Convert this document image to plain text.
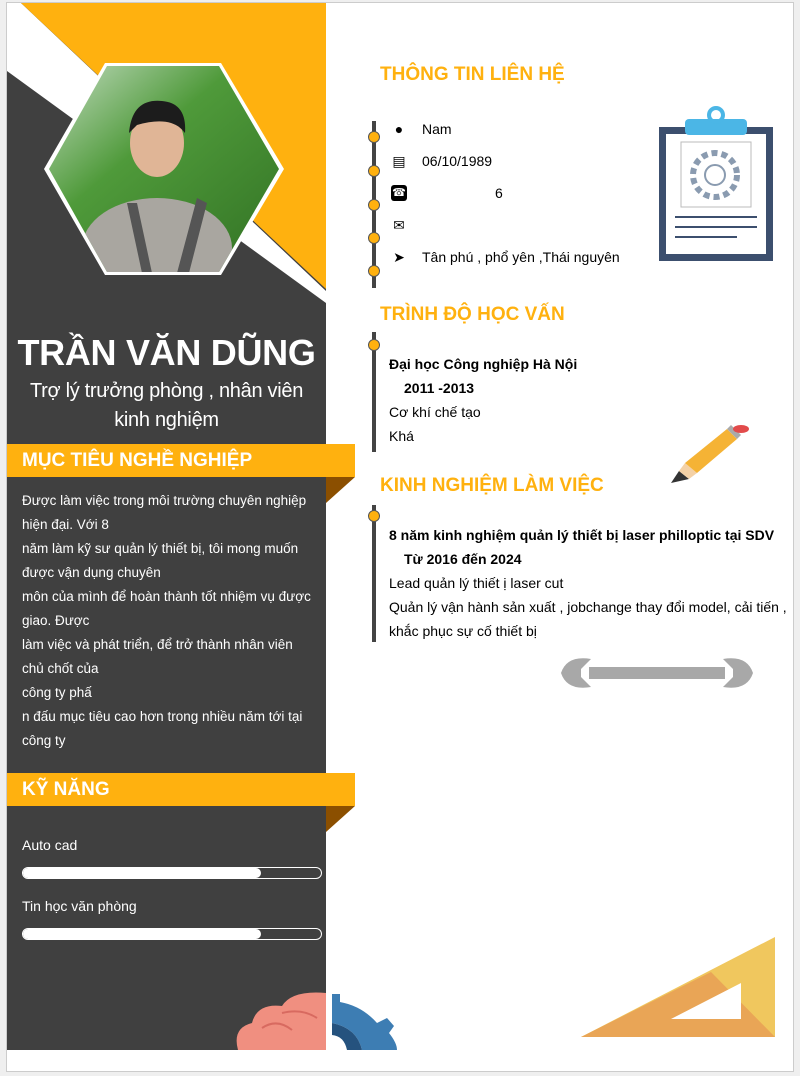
TRẦN VĂN DŨNG
Trợ lý trưởng phòng , nhân viên
kinh nghiệm
MỤC TIÊU NGHỀ NGHIỆP
Được làm việc trong môi trường chuyên nghiệp
hiện đại. Với 8
năm làm kỹ sư quản lý thiết bị, tôi mong muốn
được vận dụng chuyên
môn của mình để hoàn thành tốt nhiệm vụ được
giao. Được
làm việc và phát triển, để trở thành nhân viên
chủ chốt của
công ty phấ
n đấu mục tiêu cao hơn trong nhiều năm tới tại
công ty
KỸ NĂNG
Auto cad
Tin học văn phòng
THÔNG TIN LIÊN HỆ
● Nam
▤ 06/10/1989
☎	6
✉
➤ Tân phú , phổ yên ,Thái nguyên
TRÌNH ĐỘ HỌC VẤN
Đại học Công nghiệp Hà Nội
2011 -2013
Cơ khí chế tạo
Khá
KINH NGHIỆM LÀM VIỆC
8 năm kinh nghiệm quản lý thiết bị laser philloptic tại SDV
Từ 2016 đến 2024
Lead quản lý thiết ị laser cut
Quản lý vận hành sản xuất , jobchange thay đổi model, cải tiến ,
khắc phục sự cố thiết bị
